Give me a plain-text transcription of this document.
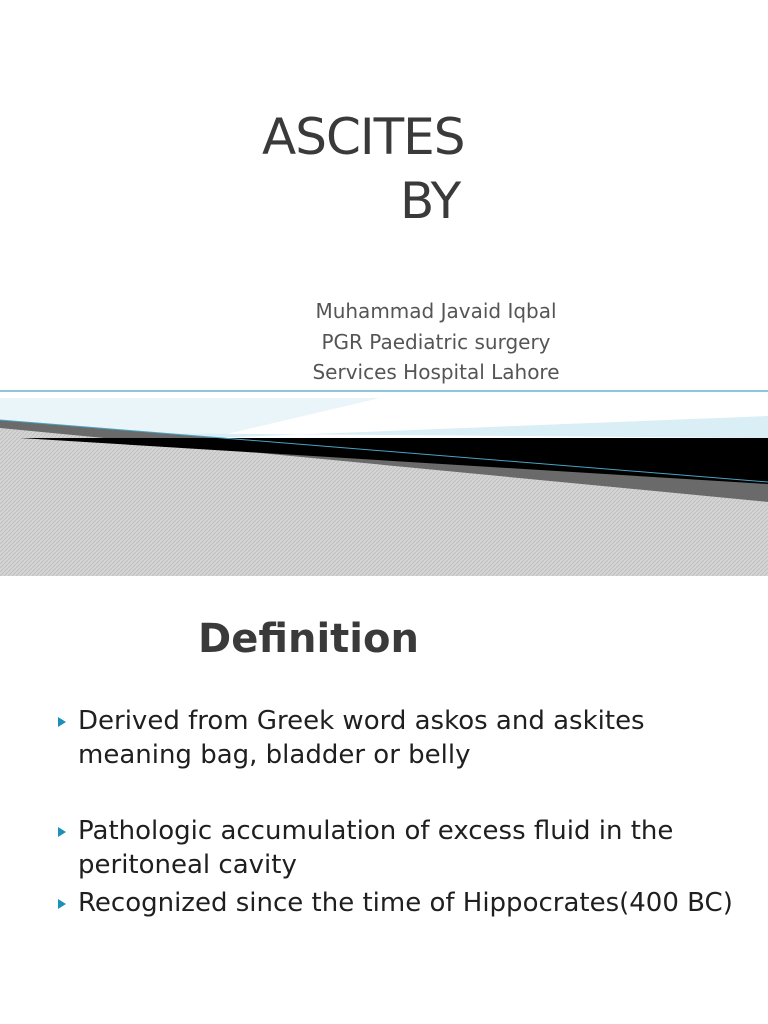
ASCITES
BY
Muhammad Javaid Iqbal
PGR Paediatric surgery
Services Hospital Lahore
Definition
Derived from Greek word askos and askites meaning bag, bladder or belly
Pathologic accumulation of excess fluid in the peritoneal cavity
Recognized since the time of Hippocrates(400 BC)
